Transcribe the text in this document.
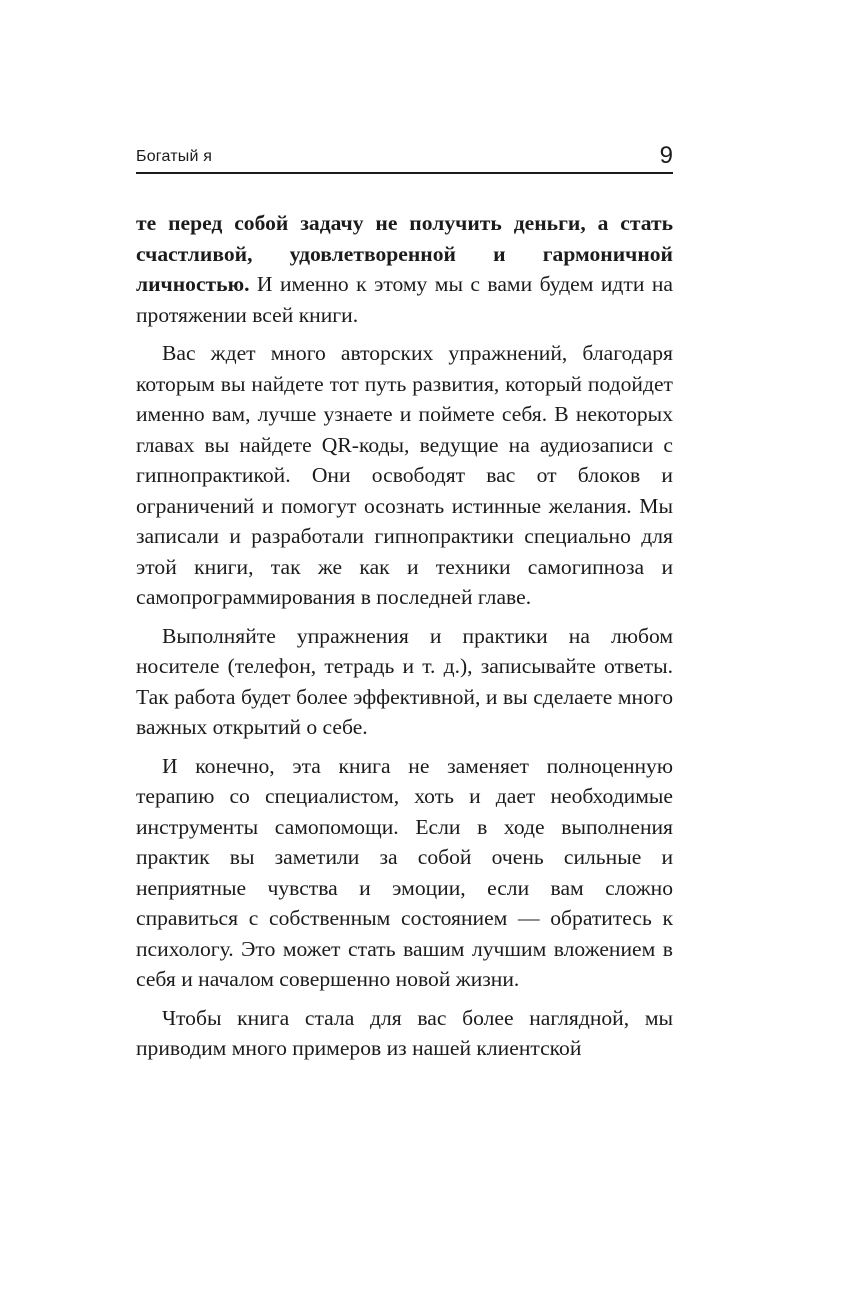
Богатый я	9

те перед собой задачу не получить деньги, а стать счастливой, удовлетворенной и гармоничной личностью. И именно к этому мы с вами будем идти на протяжении всей книги.

Вас ждет много авторских упражнений, благодаря которым вы найдете тот путь развития, который подойдет именно вам, лучше узнаете и поймете себя. В некоторых главах вы найдете QR-коды, ведущие на аудиозаписи с гипнопрактикой. Они освободят вас от блоков и ограничений и помогут осознать истинные желания. Мы записали и разработали гипнопрактики специально для этой книги, так же как и техники самогипноза и самопрограммирования в последней главе.

Выполняйте упражнения и практики на любом носителе (телефон, тетрадь и т. д.), записывайте ответы. Так работа будет более эффективной, и вы сделаете много важных открытий о себе.

И конечно, эта книга не заменяет полноценную терапию со специалистом, хоть и дает необходимые инструменты самопомощи. Если в ходе выполнения практик вы заметили за собой очень сильные и неприятные чувства и эмоции, если вам сложно справиться с собственным состоянием — обратитесь к психологу. Это может стать вашим лучшим вложением в себя и началом совершенно новой жизни.

Чтобы книга стала для вас более наглядной, мы приводим много примеров из нашей клиентской
